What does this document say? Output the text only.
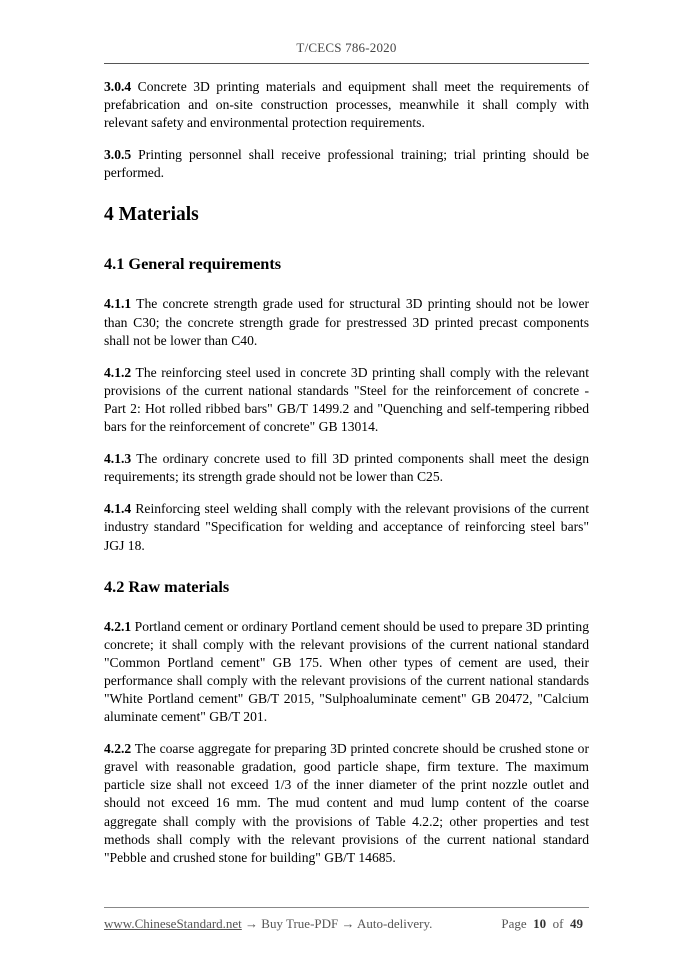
T/CECS 786-2020

3.0.4 Concrete 3D printing materials and equipment shall meet the requirements of prefabrication and on-site construction processes, meanwhile it shall comply with relevant safety and environmental protection requirements.

3.0.5 Printing personnel shall receive professional training; trial printing should be performed.

4 Materials
4.1 General requirements

4.1.1 The concrete strength grade used for structural 3D printing should not be lower than C30; the concrete strength grade for prestressed 3D printed precast components shall not be lower than C40.

4.1.2 The reinforcing steel used in concrete 3D printing shall comply with the relevant provisions of the current national standards "Steel for the reinforcement of concrete - Part 2: Hot rolled ribbed bars" GB/T 1499.2 and "Quenching and self-tempering ribbed bars for the reinforcement of concrete" GB 13014.

4.1.3 The ordinary concrete used to fill 3D printed components shall meet the design requirements; its strength grade should not be lower than C25.

4.1.4 Reinforcing steel welding shall comply with the relevant provisions of the current industry standard "Specification for welding and acceptance of reinforcing steel bars" JGJ 18.

4.2 Raw materials

4.2.1 Portland cement or ordinary Portland cement should be used to prepare 3D printing concrete; it shall comply with the relevant provisions of the current national standard "Common Portland cement" GB 175. When other types of cement are used, their performance shall comply with the relevant provisions of the current national standards "White Portland cement" GB/T 2015, "Sulphoaluminate cement" GB 20472, "Calcium aluminate cement" GB/T 201.

4.2.2 The coarse aggregate for preparing 3D printed concrete should be crushed stone or gravel with reasonable gradation, good particle shape, firm texture. The maximum particle size shall not exceed 1/3 of the inner diameter of the print nozzle outlet and should not exceed 16 mm. The mud content and mud lump content of the coarse aggregate shall comply with the provisions of Table 4.2.2; other properties and test methods shall comply with the relevant provisions of the current national standard "Pebble and crushed stone for building" GB/T 14685.

www.ChineseStandard.net → Buy True-PDF → Auto-delivery.	Page 10 of 49
